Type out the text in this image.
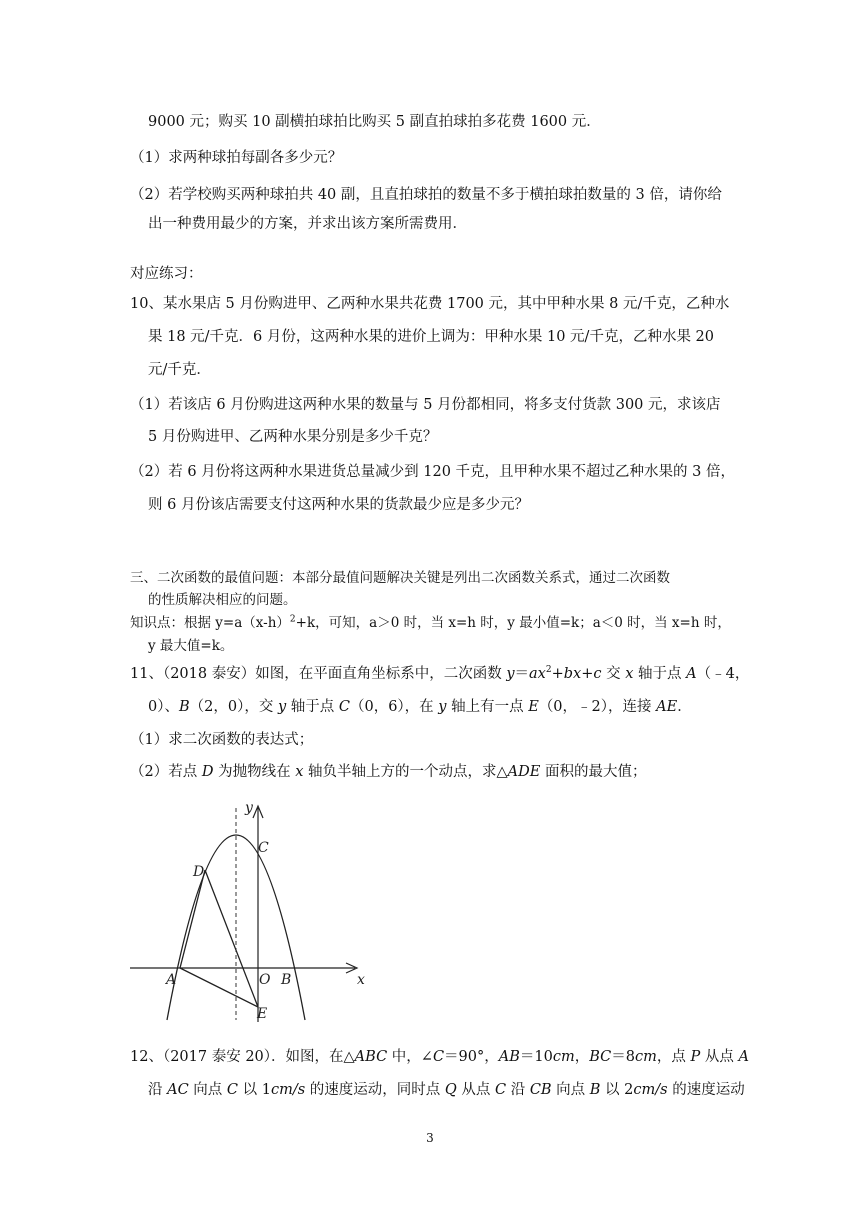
9000 元；购买 10 副横拍球拍比购买 5 副直拍球拍多花费 1600 元．
（1）求两种球拍每副各多少元？
（2）若学校购买两种球拍共 40 副，且直拍球拍的数量不多于横拍球拍数量的 3 倍，请你给
出一种费用最少的方案，并求出该方案所需费用．
对应练习：
10、某水果店 5 月份购进甲、乙两种水果共花费 1700 元，其中甲种水果 8 元/千克，乙种水
果 18 元/千克．6 月份，这两种水果的进价上调为：甲种水果 10 元/千克，乙种水果 20
元/千克．
（1）若该店 6 月份购进这两种水果的数量与 5 月份都相同，将多支付货款 300 元，求该店
5 月份购进甲、乙两种水果分别是多少千克？
（2）若 6 月份将这两种水果进货总量减少到 120 千克，且甲种水果不超过乙种水果的 3 倍，
则 6 月份该店需要支付这两种水果的货款最少应是多少元？
三、二次函数的最值问题：本部分最值问题解决关键是列出二次函数关系式，通过二次函数
的性质解决相应的问题。
知识点：根据 $y=a(x-h)^2+k$，可知，a＞0 时，当 x=h 时，y 最小值=k；a＜0 时，当 x=h 时，
y 最大值=k。
11、（2018 泰安）如图，在平面直角坐标系中，二次函数 $y=ax^2+bx+c$ 交 x 轴于点 A（﹣4，
0）、B（2，0），交 y 轴于点 C（0，6），在 y 轴上有一点 E（0，﹣2），连接 AE．
（1）求二次函数的表达式；
（2）若点 D 为抛物线在 x 轴负半轴上方的一个动点，求△ADE 面积的最大值；
y
x
C
D
A	O B
E
12、（2017 泰安 20）．如图，在△ABC 中，∠C＝90°，AB＝10cm，BC＝8cm，点 P 从点 A
沿 AC 向点 C 以 1cm/s 的速度运动，同时点 Q 从点 C 沿 CB 向点 B 以 2cm/s 的速度运动
3
